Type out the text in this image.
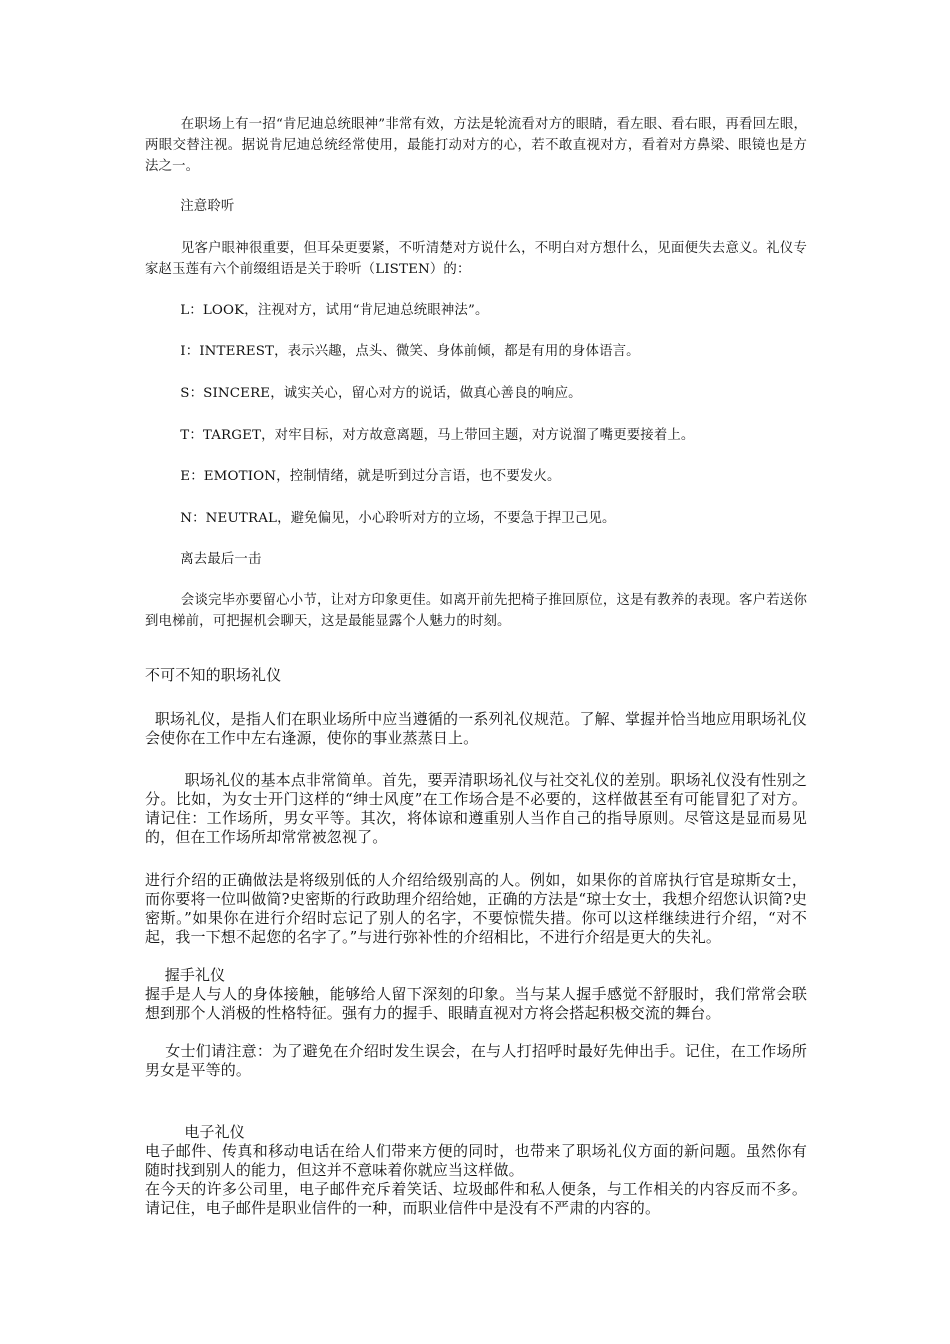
在职场上有一招“肯尼迪总统眼神”非常有效，方法是轮流看对方的眼睛，看左眼、看右眼，再看回左眼，两眼交替注视。据说肯尼迪总统经常使用，最能打动对方的心，若不敢直视对方，看着对方鼻梁、眼镜也是方法之一。

注意聆听

见客户眼神很重要，但耳朵更要紧，不听清楚对方说什么，不明白对方想什么，见面便失去意义。礼仪专家赵玉莲有六个前缀组语是关于聆听（LISTEN）的：

L：LOOK，注视对方，试用“肯尼迪总统眼神法”。

I：INTEREST，表示兴趣，点头、微笑、身体前倾，都是有用的身体语言。

S：SINCERE，诚实关心，留心对方的说话，做真心善良的响应。

T：TARGET，对牢目标，对方故意离题，马上带回主题，对方说溜了嘴更要接着上。

E：EMOTION，控制情绪，就是听到过分言语，也不要发火。

N：NEUTRAL，避免偏见，小心聆听对方的立场，不要急于捍卫己见。

离去最后一击

会谈完毕亦要留心小节，让对方印象更佳。如离开前先把椅子推回原位，这是有教养的表现。客户若送你到电梯前，可把握机会聊天，这是最能显露个人魅力的时刻。

不可不知的职场礼仪

职场礼仪，是指人们在职业场所中应当遵循的一系列礼仪规范。了解、掌握并恰当地应用职场礼仪会使你在工作中左右逢源，使你的事业蒸蒸日上。

职场礼仪的基本点非常简单。首先，要弄清职场礼仪与社交礼仪的差别。职场礼仪没有性别之分。比如，为女士开门这样的“绅士风度”在工作场合是不必要的，这样做甚至有可能冒犯了对方。请记住：工作场所，男女平等。其次，将体谅和遵重别人当作自己的指导原则。尽管这是显而易见的，但在工作场所却常常被忽视了。

进行介绍的正确做法是将级别低的人介绍给级别高的人。例如，如果你的首席执行官是琼斯女士，而你要将一位叫做简?史密斯的行政助理介绍给她，正确的方法是“琼士女士，我想介绍您认识简?史密斯。”如果你在进行介绍时忘记了别人的名字，不要惊慌失措。你可以这样继续进行介绍，“对不起，我一下想不起您的名字了。”与进行弥补性的介绍相比，不进行介绍是更大的失礼。

握手礼仪

握手是人与人的身体接触，能够给人留下深刻的印象。当与某人握手感觉不舒服时，我们常常会联想到那个人消极的性格特征。强有力的握手、眼睛直视对方将会搭起积极交流的舞台。

女士们请注意：为了避免在介绍时发生误会，在与人打招呼时最好先伸出手。记住，在工作场所男女是平等的。

电子礼仪

电子邮件、传真和移动电话在给人们带来方便的同时，也带来了职场礼仪方面的新问题。虽然你有随时找到别人的能力，但这并不意味着你就应当这样做。

在今天的许多公司里，电子邮件充斥着笑话、垃圾邮件和私人便条，与工作相关的内容反而不多。请记住，电子邮件是职业信件的一种，而职业信件中是没有不严肃的内容的。
